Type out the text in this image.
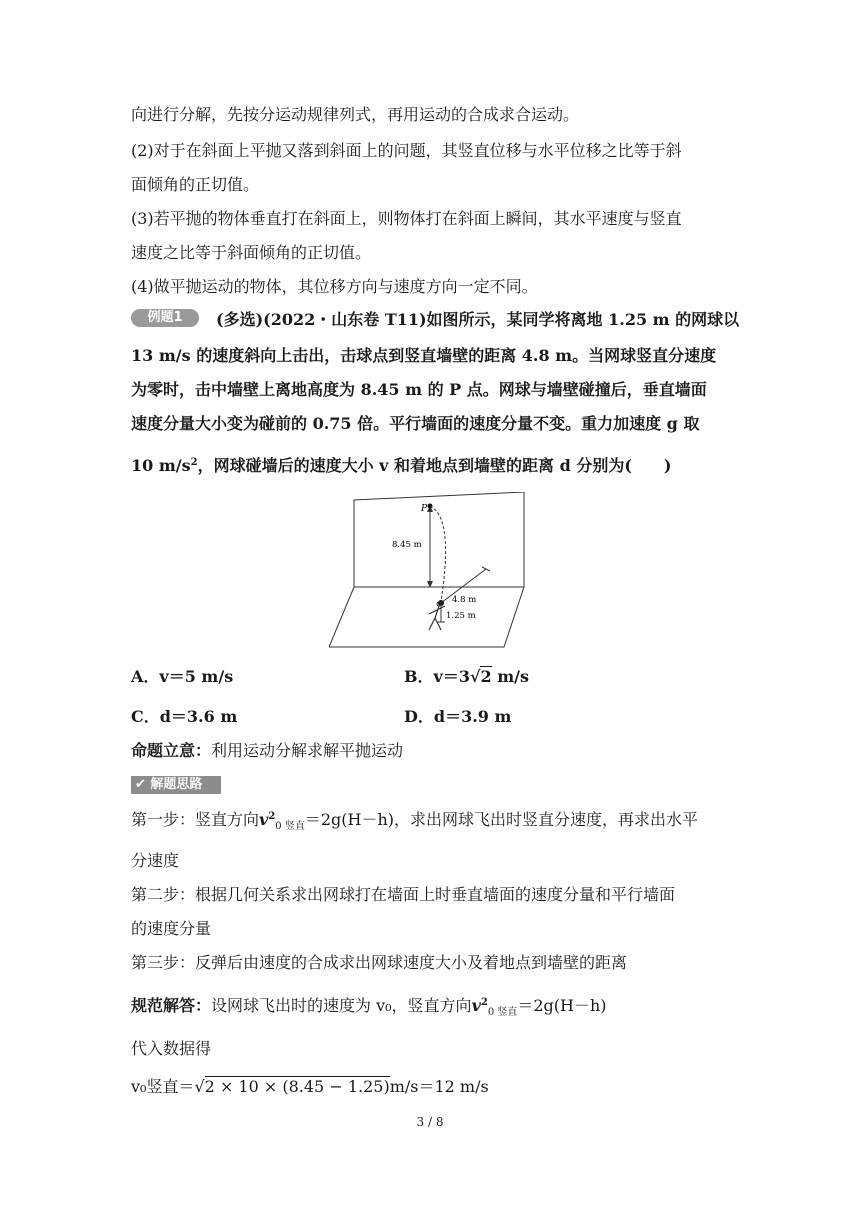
向进行分解，先按分运动规律列式，再用运动的合成求合运动。
(2)对于在斜面上平抛又落到斜面上的问题，其竖直位移与水平位移之比等于斜
面倾角的正切值。
(3)若平抛的物体垂直打在斜面上，则物体打在斜面上瞬间，其水平速度与竖直
速度之比等于斜面倾角的正切值。
(4)做平抛运动的物体，其位移方向与速度方向一定不同。
例题1	(多选)(2022・山东卷 T11)如图所示，某同学将离地 1.25 m 的网球以
13 m/s 的速度斜向上击出，击球点到竖直墙壁的距离 4.8 m。当网球竖直分速度
为零时，击中墙壁上离地高度为 8.45 m 的 P 点。网球与墙壁碰撞后，垂直墙面
速度分量大小变为碰前的 0.75 倍。平行墙面的速度分量不变。重力加速度 g 取
10 $m/s^2$，网球碰墙后的速度大小 v 和着地点到墙壁的距离 d 分别为(　　)
P
8.45 m
4.8 m
1.25 m
A．v＝5 m/s	B．v＝3√2 m/s
C．d＝3.6 m	D．d＝3.9 m
命题立意：利用运动分解求解平抛运动
✔ 解题思路
第一步：竖直方向$v^2_{0 竖直}=2g(H-h)$，求出网球飞出时竖直分速度，再求出水平
分速度
第二步：根据几何关系求出网球打在墙面上时垂直墙面的速度分量和平行墙面
的速度分量
第三步：反弹后由速度的合成求出网球速度大小及着地点到墙壁的距离
规范解答：设网球飞出时的速度为 v₀，竖直方向$v^2_{0 竖直}=2g(H-h)$
代入数据得
v₀竖直＝√2 × 10 × (8.45 − 1.25)m/s＝12 m/s
3 / 8
